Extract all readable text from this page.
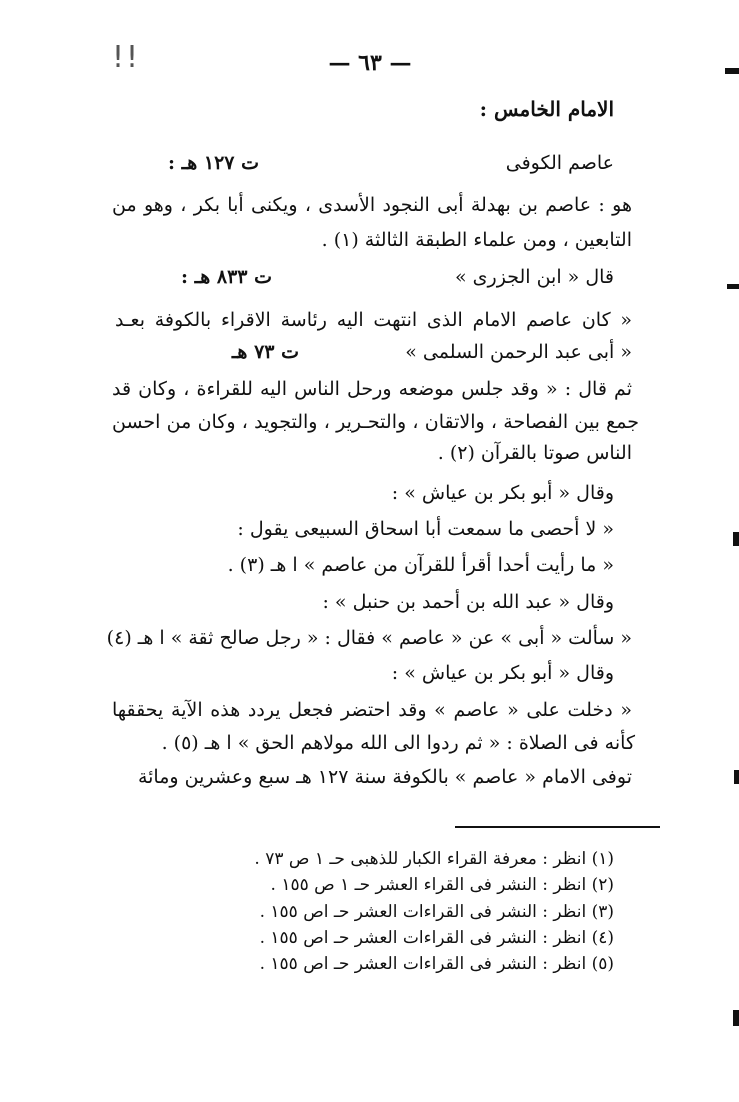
!!	— ٦٣ —
الامام الخامس :
عاصم الكوفى
ت ١٢٧ هـ :
هو : عاصم بن بهدلة أبى النجود الأسدى ، ويكنى أبا بكر ، وهو من
التابعين ، ومن علماء الطبقة الثالثة (١) .
قال « ابن الجزرى »
ت ٨٣٣ هـ :
« كان عاصم الامام الذى انتهت اليه رئاسة الاقراء بالكوفة بعـد
« أبى عبد الرحمن السلمى »
ت ٧٣ هـ
ثم قال : « وقد جلس موضعه ورحل الناس اليه للقراءة ، وكان قد
جمع بين الفصاحة ، والاتقان ، والتحـرير ، والتجويد ، وكان من احسن
الناس صوتا بالقرآن (٢) .
وقال « أبو بكر بن عياش » :
« لا أحصى ما سمعت أبا اسحاق السبيعى يقول :
« ما رأيت أحدا أقرأ للقرآن من عاصم » ا هـ (٣) .
وقال « عبد الله بن أحمد بن حنبل » :
« سألت « أبى » عن « عاصم » فقال : « رجل صالح ثقة » ا هـ (٤)
وقال « أبو بكر بن عياش » :
« دخلت على « عاصم » وقد احتضر فجعل يردد هذه الآية يحققها
كأنه فى الصلاة : « ثم ردوا الى الله مولاهم الحق » ا هـ (٥) .
توفى الامام « عاصم » بالكوفة سنة ١٢٧ هـ سبع وعشرين ومائة
(١) انظر : معرفة القراء الكبار للذهبى حـ ١ ص ٧٣ .
(٢) انظر : النشر فى القراء العشر حـ ١ ص ١٥٥ .
(٣) انظر : النشر فى القراءات العشر حـ اص ١٥٥ .
(٤) انظر : النشر فى القراءات العشر حـ اص ١٥٥ .
(٥) انظر : النشر فى القراءات العشر حـ اص ١٥٥ .
